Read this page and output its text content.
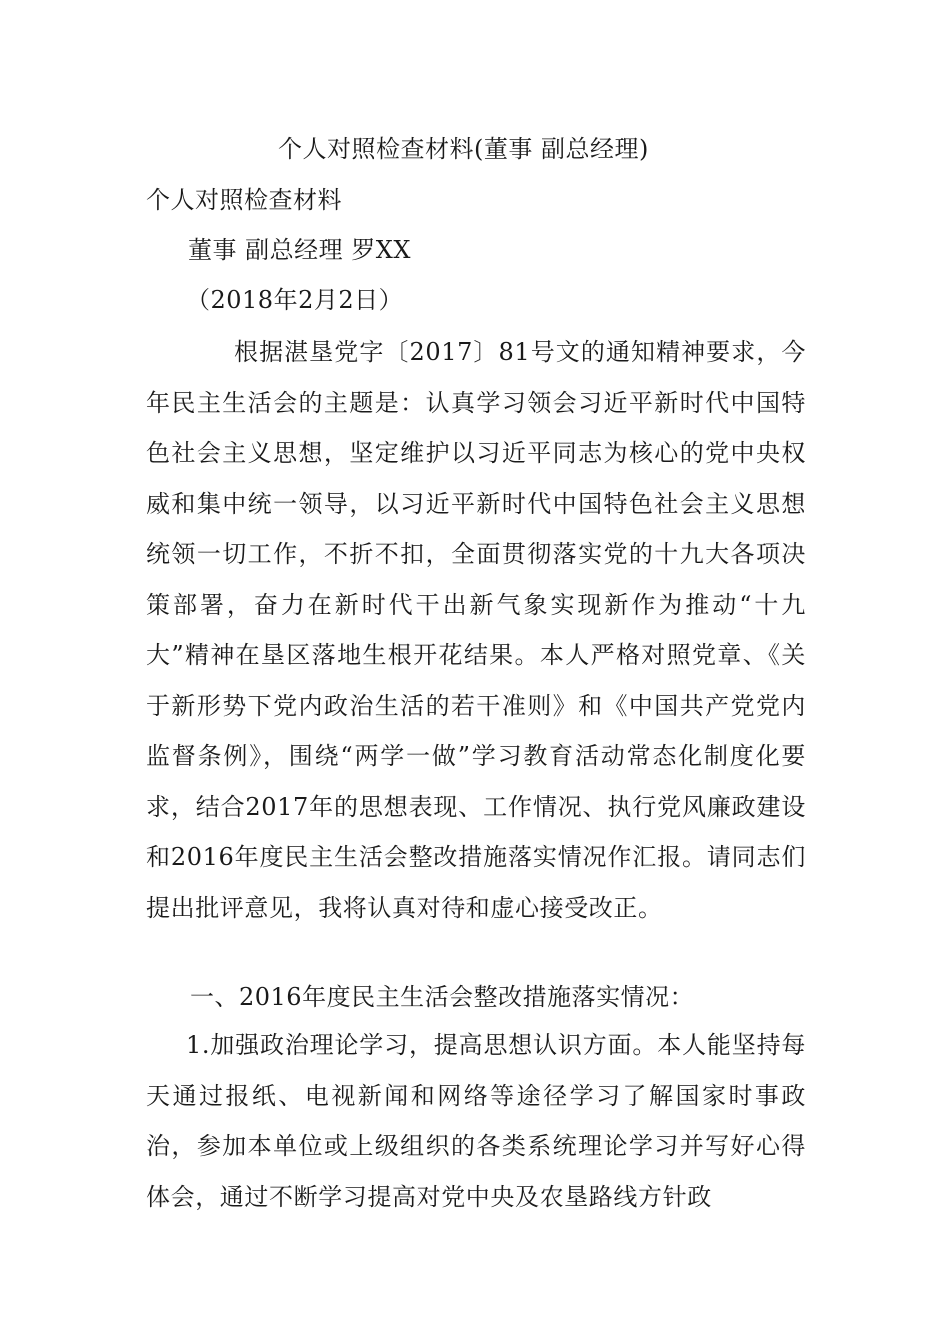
个人对照检查材料(董事 副总经理)
个人对照检查材料
董事 副总经理 罗XX
（2018年2月2日）
根据湛垦党字〔2017〕81号文的通知精神要求，今年民主生活会的主题是：认真学习领会习近平新时代中国特色社会主义思想，坚定维护以习近平同志为核心的党中央权威和集中统一领导，以习近平新时代中国特色社会主义思想统领一切工作，不折不扣，全面贯彻落实党的十九大各项决策部署，奋力在新时代干出新气象实现新作为推动“十九大”精神在垦区落地生根开花结果。本人严格对照党章、《关于新形势下党内政治生活的若干准则》和《中国共产党党内监督条例》，围绕“两学一做”学习教育活动常态化制度化要求，结合2017年的思想表现、工作情况、执行党风廉政建设和2016年度民主生活会整改措施落实情况作汇报。请同志们提出批评意见，我将认真对待和虚心接受改正。
一、2016年度民主生活会整改措施落实情况：
1.加强政治理论学习，提高思想认识方面。本人能坚持每天通过报纸、电视新闻和网络等途径学习了解国家时事政治，参加本单位或上级组织的各类系统理论学习并写好心得体会，通过不断学习提高对党中央及农垦路线方针政
